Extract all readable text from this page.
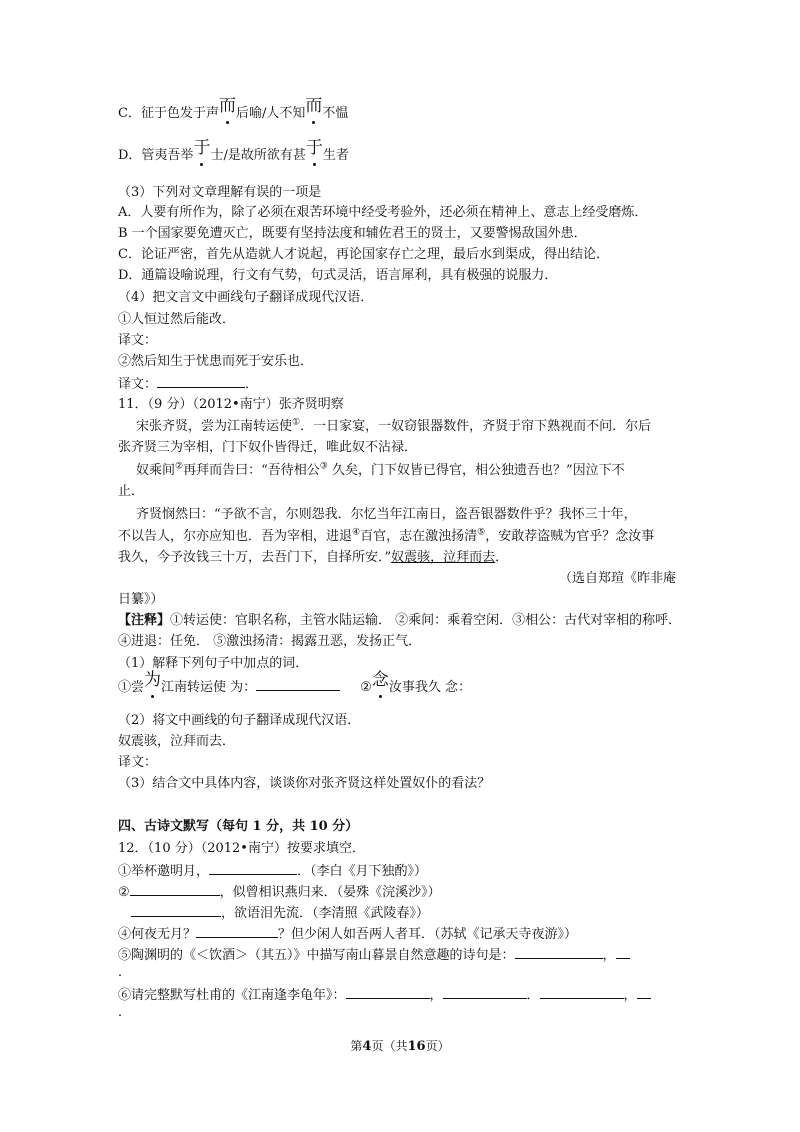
C．征于色发于声而后喻/人不知而不愠
D．管夷吾举于士/是故所欲有甚于生者
（3）下列对文章理解有误的一项是
A．人要有所作为，除了必须在艰苦环境中经受考验外，还必须在精神上、意志上经受磨炼．
B 一个国家要免遭灭亡，既要有坚持法度和辅佐君王的贤士，又要警惕敌国外患．
C．论证严密，首先从造就人才说起，再论国家存亡之理，最后水到渠成，得出结论．
D．通篇设喻说理，行文有气势，句式灵活，语言犀利，具有极强的说服力．
（4）把文言文中画线句子翻译成现代汉语．
①人恒过然后能改．
译文：
②然后知生于忧患而死于安乐也．
译文：	．
11．（9 分）（2012•南宁）张齐贤明察
宋张齐贤，尝为江南转运使①．一日家宴，一奴窃银器数件，齐贤于帘下熟视而不问．尔后
张齐贤三为宰相，门下奴仆皆得迁，唯此奴不沾禄．
奴乘间②再拜而告曰：“吾待相公③ 久矣，门下奴皆已得官，相公独遗吾也？”因泣下不
止．
齐贤悯然曰：“予欲不言，尔则怨我．尔忆当年江南日，盗吾银器数件乎？我怀三十年，
不以告人，尔亦应知也．吾为宰相，进退④百官，志在激浊扬清⑤，安敢荐盗贼为官乎？念汝事
我久，今予汝钱三十万，去吾门下，自择所安．”奴震骇，泣拜而去．
（选自郑瑄《昨非庵
日纂》）
【注释】①转运使：官职名称，主管水陆运输． ②乘间：乘着空闲．③相公：古代对宰相的称呼．
④进退：任免． ⑤激浊扬清：揭露丑恶，发扬正气．
（1）解释下列句子中加点的词．
①尝为江南转运使 为：	②念汝事我久 念：
（2）将文中画线的句子翻译成现代汉语．
奴震骇，泣拜而去．
译文：
（3）结合文中具体内容，谈谈你对张齐贤这样处置奴仆的看法？
四、古诗文默写（每句 1 分，共 10 分）
12．（10 分）（2012•南宁）按要求填空．
①举杯邀明月，	．（李白《月下独酌》）
②	，似曾相识燕归来．（晏殊《浣溪沙》）
，欲语泪先流．（李清照《武陵春》）
④何夜无月？	？但少闲人如吾两人者耳．（苏轼《记承天寺夜游》）
⑤陶渊明的《＜饮酒＞（其五）》中描写南山暮景自然意趣的诗句是：	，
．
⑥请完整默写杜甫的《江南逢李龟年》：	，	．	，
．
第4页（共16页）
